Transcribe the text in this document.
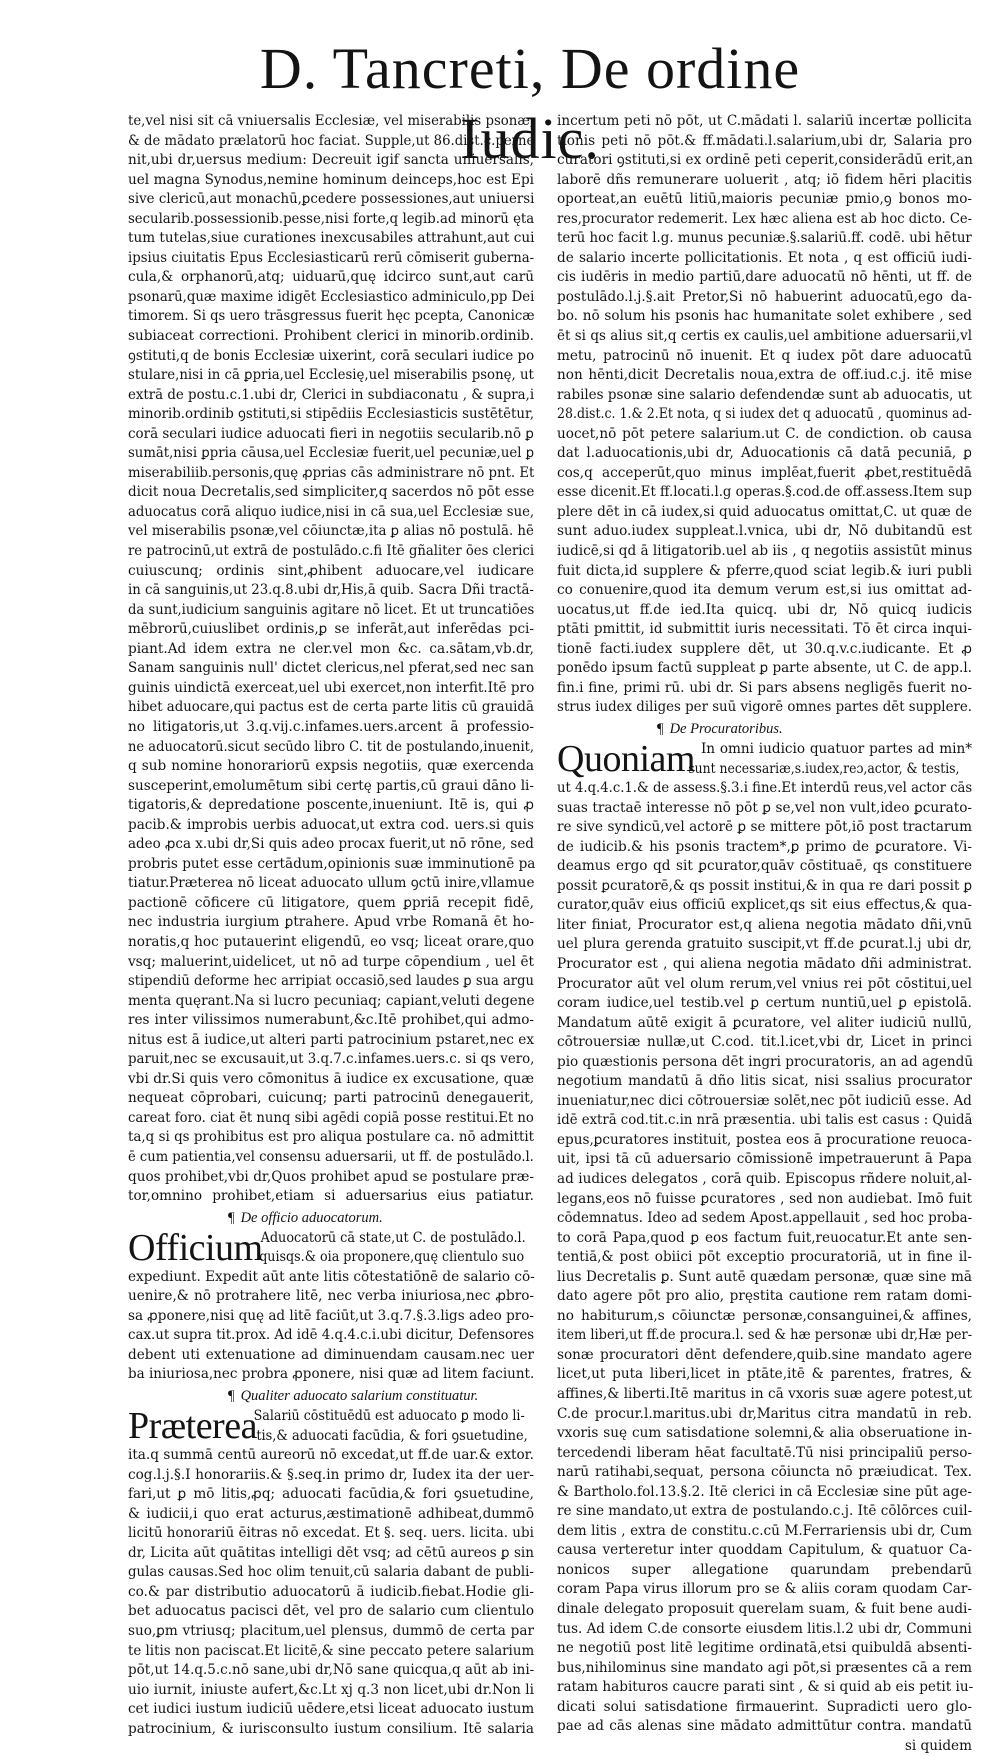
D. Tancreti, De ordine Iudic.
te,vel nisi sit cā vniuersalis Ecclesiæ, vel miserabilis psonæ,
& de mādato prælatorū hoc faciat. Supple,ut 86.dist.c.perne
nit,ubi dr,uersus medium: Decreuit igif sancta uniuersalis,
uel magna Synodus,nemine hominum deinceps,hoc est Epi
sive clericū,aut monachū,ꝑcedere possessiones,aut uniuersi
secularib.possessionib.pesse,nisi forte,q legib.ad minorū ęta
tum tutelas,siue curationes inexcusabiles attrahunt,aut cui
ipsius ciuitatis Epus Ecclesiasticarū rerū cōmiserit guberna-
cula,& orphanorū,atq; uiduarū,quę idcirco sunt,aut carū
psonarū,quæ maxime idigēt Ecclesiastico adminiculo,pp Dei
timorem. Si qs uero trāsgressus fuerit hęc pcepta, Canonicæ
subiaceat correctioni. Prohibent clerici in minorib.ordinib.
ꝯstituti,q de bonis Ecclesiæ uixerint, corā seculari iudice po
stulare,nisi in cā ꝑpria,uel Ecclesię,uel miserabilis psonę, ut
extrā de postu.c.1.ubi dr, Clerici in subdiaconatu , & supra,i
minorib.ordinib ꝯstituti,si stipēdiis Ecclesiasticis sustētētur,
corā seculari iudice aduocati fieri in negotiis secularib.nō ꝑ
sumāt,nisi ꝑpria cāusa,uel Ecclesiæ fuerit,uel pecuniæ,uel ꝑ
miserabiliib.personis,quę ꝓprias cās administrare nō pnt. Et
dicit noua Decretalis,sed simpliciter,q sacerdos nō pōt esse
aduocatus corā aliquo iudice,nisi in cā sua,uel Ecclesiæ sue,
vel miserabilis psonæ,vel cōiunctæ,ita ꝑ alias nō postulā. hē
re patrocinū,ut extrā de postulādo.c.fi Itē gñaliter ōes clerici
cuiuscunq; ordinis sint,ꝓhibent aduocare,vel iudicare
in cā sanguinis,ut 23.q.8.ubi dr,His,ā quib. Sacra Dñi tractā-
da sunt,iudicium sanguinis agitare nō licet. Et ut truncatiōes
mēbrorū,cuiuslibet ordinis,ꝑ se inferāt,aut inferēdas pci-
piant.Ad idem extra ne cler.vel mon &c. ca.sātam,vb.dr,
Sanam sanguinis null' dictet clericus,nel pferat,sed nec san
guinis uindictā exerceat,uel ubi exercet,non interfit.Itē pro
hibet aduocare,qui pactus est de certa parte litis cū grauidā
no litigatoris,ut 3.q.vij.c.infames.uers.arcent ā professio-
ne aduocatorū.sicut secūdo libro C. tit de postulando,inuenit,
q sub nomine honorariorū expsis negotiis, quæ exercenda
susceperint,emolumētum sibi certę partis,cū graui dāno li-
tigatoris,& depredatione poscente,inueniunt. Itē is, qui ꝓ
pacib.& improbis uerbis aduocat,ut extra cod. uers.si quis
adeo ꝓca x.ubi dr,Si quis adeo procax fuerit,ut nō rōne, sed
probris putet esse certādum,opinionis suæ imminutionē pa
tiatur.Præterea nō liceat aduocato ullum ꝯctū inire,vllamue
pactionē cōficere cū litigatore, quem ꝑpriā recepit fidē,
nec industria iurgium ꝑtrahere. Apud vrbe Romanā ēt ho-
noratis,q hoc putauerint eligendū, eo vsq; liceat orare,quo
vsq; maluerint,uidelicet, ut nō ad turpe cōpendium , uel ēt
stipendiū deforme hec arripiat occasiō,sed laudes ꝑ sua argu
menta quęrant.Na si lucro pecuniaq; capiant,veluti degene
res inter vilissimos numerabunt,&c.Itē prohibet,qui admo-
nitus est ā iudice,ut alteri parti patrocinium pstaret,nec ex
paruit,nec se excusauit,ut 3.q.7.c.infames.uers.c. si qs vero,
vbi dr.Si quis vero cōmonitus ā iudice ex excusatione, quæ
nequeat cōprobari, cuicunq; parti patrocinū denegauerit,
careat foro. ciat ēt nunq sibi agēdi copiā posse restitui.Et no
ta,q si qs prohibitus est pro aliqua postulare ca. nō admittit
ē cum patientia,vel consensu aduersarii, ut ff. de postulādo.l.
quos prohibet,vbi dr,Quos prohibet apud se postulare præ-
tor,omnino prohibet,etiam si aduersarius eius patiatur.
¶ De officio aduocatorum.
Officium
Aduocatorū cā state,ut C. de postulādo.l.
quisqs.& oia proponere,quę clientulo suo
expediunt. Expedit aūt ante litis cōtestatiōnē de salario cō-
uenire,& nō protrahere litē, nec verba iniuriosa,nec ꝓbro-
sa ꝓponere,nisi quę ad litē faciūt,ut 3.q.7.§.3.ligs adeo pro-
cax.ut supra tit.prox. Ad idē 4.q.4.c.i.ubi dicitur, Defensores
debent uti extenuatione ad diminuendam causam.nec uer
ba iniuriosa,nec probra ꝓponere, nisi quæ ad litem faciunt.
¶ Qualiter aduocato salarium constituatur.
Præterea
Salariū cōstituēdū est aduocato ꝑ modo li-
tis,& aduocati facūdia, & fori ꝯsuetudine,
ita.q summā centū aureorū nō excedat,ut ff.de uar.& extor.
cog.l.j.§.I honorariis.& §.seq.in primo dr, Iudex ita der uer-
fari,ut ꝑ mō litis,ꝓq; aduocati facūdia,& fori ꝯsuetudine,
& iudicii,i quo erat acturus,æstimationē adhibeat,dummō
licitū honorariū ēitras nō excedat. Et §. seq. uers. licita. ubi
dr, Licita aūt quātitas intelligi dēt vsq; ad cētū aureos ꝑ sin
gulas causas.Sed hoc olim tenuit,cū salaria dabant de publi-
co.& par distributio aduocatorū ā iudicib.fiebat.Hodie gli-
bet aduocatus pacisci dēt, vel pro de salario cum clientulo
suo,ꝑm vtriusq; placitum,uel plensus, dummō de certa par
te litis non paciscat.Et licitē,& sine peccato petere salarium
pōt,ut 14.q.5.c.nō sane,ubi dr,Nō sane quicqua,q aūt ab ini-
uio iurnit, iniuste aufert,&c.Lt xj q.3 non licet,ubi dr.Non li
cet iudici iustum iudiciū uēdere,etsi liceat aduocato iustum
patrocinium, & iurisconsulto iustum consilium. Itē salaria
incertum peti nō pōt, ut C.mādati l. salariū incertæ pollicita
tionis peti nō pōt.& ff.mādati.l.salarium,ubi dr, Salaria pro
curatori ꝯstituti,si ex ordinē peti ceperit,considerādū erit,an
laborē dñs remunerare uoluerit , atq; iō fidem hēri placitis
oporteat,an euētū litiū,maioris pecuniæ pmio,ꝯ bonos mo-
res,procurator redemerit. Lex hæc aliena est ab hoc dicto. Ce-
terū hoc facit l.g. munus pecuniæ.§.salariū.ff. codē. ubi hētur
de salario incerte pollicitationis. Et nota , q est officiū iudi-
cis iudēris in medio partiū,dare aduocatū nō hēnti, ut ff. de
postulādo.l.j.§.ait Pretor,Si nō habuerint aduocatū,ego da-
bo. nō solum his psonis hac humanitate solet exhibere , sed
ēt si qs alius sit,q certis ex caulis,uel ambitione aduersarii,vl
metu, patrocinū nō inuenit. Et q iudex pōt dare aduocatū
non hēnti,dicit Decretalis noua,extra de off.iud.c.j. itē mise
rabiles psonæ sine salario defendendæ sunt ab aduocatis, ut
28.dist.c. 1.& 2.Et nota, q si iudex det q aduocatū , quominus ad-
uocet,nō pōt petere salarium.ut C. de condiction. ob causa
dat l.aduocationis,ubi dr, Aduocationis cā datā pecuniā, ꝑ
cos,q acceperūt,quo minus implēat,fuerit ꝓbet,restituēdā
esse dicenit.Et ff.locati.l.g operas.§.cod.de off.assess.Item sup
plere dēt in cā iudex,si quid aduocatus omittat,C. ut quæ de
sunt aduo.iudex suppleat.l.vnica, ubi dr, Nō dubitandū est
iudicē,si qd ā litigatorib.uel ab iis , q negotiis assistūt minus
fuit dicta,id supplere & pferre,quod sciat legib.& iuri publi
co conuenire,quod ita demum verum est,si ius omittat ad-
uocatus,ut ff.de ied.Ita quicq. ubi dr, Nō quicq iudicis
ptāti pmittit, id submittit iuris necessitati. Tō ēt circa inqui-
tionē facti.iudex supplere dēt, ut 30.q.v.c.iudicante. Et ꝓ
ponēdo ipsum factū suppleat ꝑ parte absente, ut C. de app.l.
fin.i fine, primi rū. ubi dr. Si pars absens negligēs fuerit no-
strus iudex diliges per suū vigorē omnes partes dēt supplere.
¶ De Procuratoribus.
Quoniam In omni iudicio quatuor partes ad min*
sunt necessariæ,s.iudex,reɔ,actor, & testis,
ut 4.q.4.c.1.& de assess.§.3.i fine.Et interdū reus,vel actor cās
suas tractaē interesse nō pōt ꝑ se,vel non vult,ideo ꝑcurato-
re sive syndicū,vel actorē ꝑ se mittere pōt,iō post tractarum
de iudicib.& his psonis tractem*,ꝑ primo de ꝑcuratore. Vi-
deamus ergo qd sit ꝑcurator,quāv cōstituaē, qs constituere
possit ꝑcuratorē,& qs possit institui,& in qua re dari possit ꝑ
curator,quāv eius officiū explicet,qs sit eius effectus,& qua-
liter finiat, Procurator est,q aliena negotia mādato dñi,vnū
uel plura gerenda gratuito suscipit,vt ff.de ꝑcurat.l.j ubi dr,
Procurator est , qui aliena negotia mādato dñi administrat.
Procurator aūt vel olum rerum,vel vnius rei pōt cōstitui,uel
coram iudice,uel testib.vel ꝑ certum nuntiū,uel ꝑ epistolā.
Mandatum aūtē exigit ā ꝑcuratore, vel aliter iudiciū nullū,
cōtrouersiæ nullæ,ut C.cod. tit.l.icet,vbi dr, Licet in princi
pio quæstionis persona dēt ingri procuratoris, an ad agendū
negotium mandatū ā dño litis sicat, nisi ssalius procurator
inueniatur,nec dici cōtrouersiæ solēt,nec pōt iudiciū esse. Ad
idē extrā cod.tit.c.in nrā præsentia. ubi talis est casus : Quidā
epus,ꝑcuratores instituit, postea eos ā procuratione reuoca-
uit, ipsi tā cū aduersario cōmissionē impetrauerunt ā Papa
ad iudices delegatos , corā quib. Episcopus rñdere noluit,al-
legans,eos nō fuisse ꝑcuratores , sed non audiebat. Imō fuit
cōdemnatus. Ideo ad sedem Apost.appellauit , sed hoc proba-
to corā Papa,quod ꝑ eos factum fuit,reuocatur.Et ante sen-
tentiā,& post obiici pōt exceptio procuratoriā, ut in fine il-
lius Decretalis ꝑ. Sunt autē quædam personæ, quæ sine mā
dato agere pōt pro alio, pręstita cautione rem ratam domi-
no habiturum,s cōiunctæ personæ,consanguinei,& affines,
item liberi,ut ff.de procura.l. sed & hæ personæ ubi dr,Hæ per-
sonæ procuratori dēnt defendere,quib.sine mandato agere
licet,ut puta liberi,licet in ptāte,itē & parentes, fratres, &
affines,& liberti.Itē maritus in cā vxoris suæ agere potest,ut
C.de procur.l.maritus.ubi dr,Maritus citra mandatū in reb.
vxoris suę cum satisdatione solemni,& alia obseruatione in-
tercedendi liberam hēat facultatē.Tū nisi principaliū perso-
narū ratihabi,sequat, persona cōiuncta nō præiudicat. Tex.
& Bartholo.fol.13.§.2. Itē clerici in cā Ecclesiæ sine pūt age-
re sine mandato,ut extra de postulando.c.j. Itē cōlōrces cuil-
dem litis , extra de constitu.c.cū M.Ferrariensis ubi dr, Cum
causa verteretur inter quoddam Capitulum, & quatuor Ca-
nonicos super allegatione quarundam prebendarū
coram Papa virus illorum pro se & aliis coram quodam Car-
dinale delegato proposuit querelam suam, & fuit bene audi-
tus. Ad idem C.de consorte eiusdem litis.l.2 ubi dr, Communi
ne negotiū post litē legitime ordinatā,etsi quibuldā absenti-
bus,nihilominus sine mandato agi pōt,si præsentes cā a rem
ratam habituros caucre parati sint , & si quid ab eis petit iu-
dicati solui satisdatione firmauerint. Supradicti uero glo-
pae ad cās alenas sine mādato admittūtur contra. mandatū
si quidem
